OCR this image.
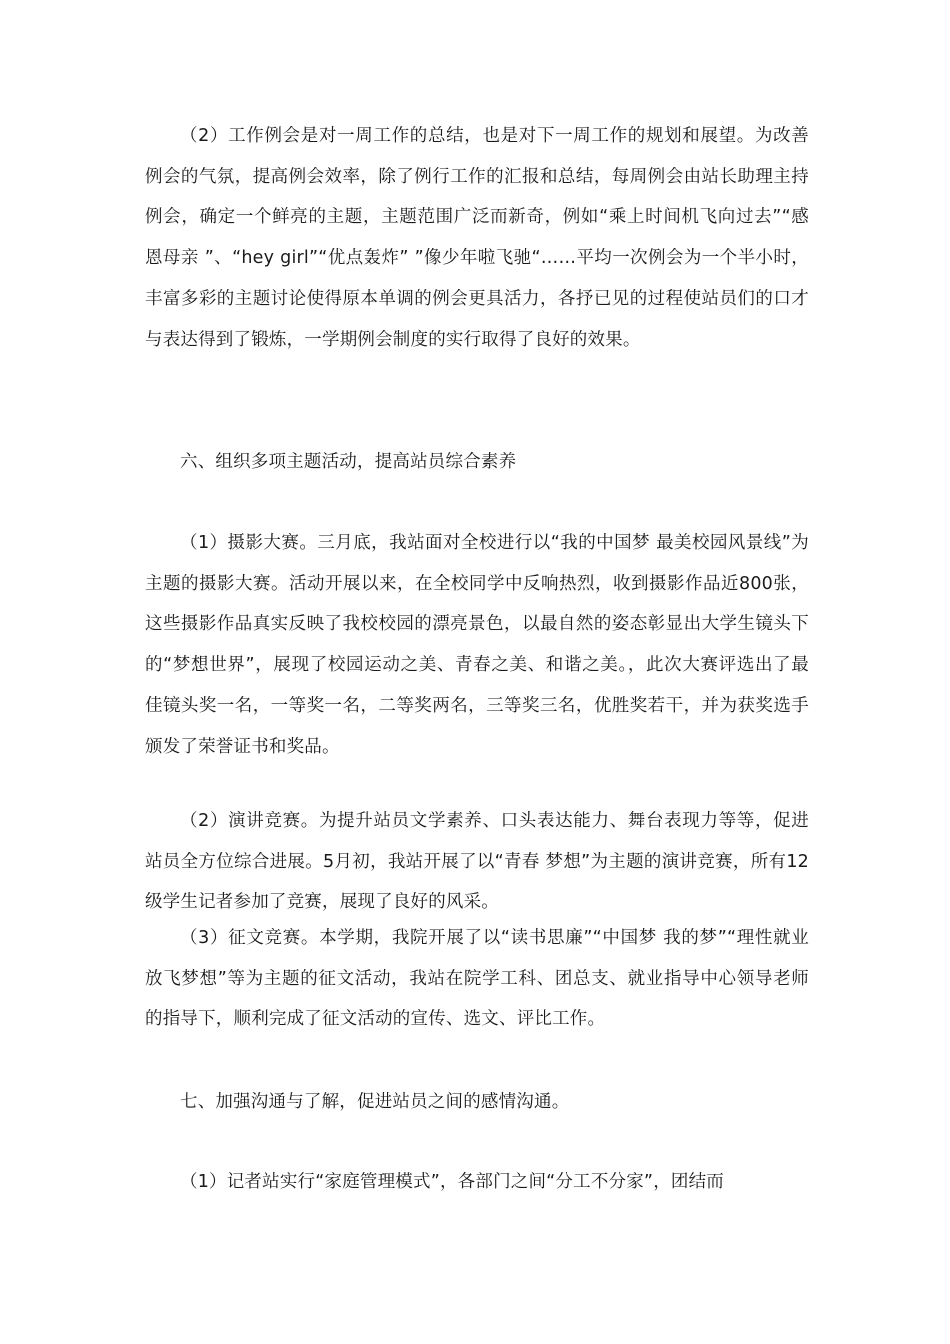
（2）工作例会是对一周工作的总结，也是对下一周工作的规划和展望。为改善例会的气氛，提高例会效率，除了例行工作的汇报和总结，每周例会由站长助理主持例会，确定一个鲜亮的主题，主题范围广泛而新奇，例如“乘上时间机飞向过去”“感恩母亲 ”、“hey girl”“优点轰炸” ”像少年啦飞驰“……平均一次例会为一个半小时，丰富多彩的主题讨论使得原本单调的例会更具活力，各抒已见的过程使站员们的口才与表达得到了锻炼，一学期例会制度的实行取得了良好的效果。

六、组织多项主题活动，提高站员综合素养

（1）摄影大赛。三月底，我站面对全校进行以“我的中国梦 最美校园风景线”为主题的摄影大赛。活动开展以来，在全校同学中反响热烈，收到摄影作品近800张，这些摄影作品真实反映了我校校园的漂亮景色，以最自然的姿态彰显出大学生镜头下的“梦想世界”，展现了校园运动之美、青春之美、和谐之美。，此次大赛评选出了最佳镜头奖一名，一等奖一名，二等奖两名，三等奖三名，优胜奖若干，并为获奖选手颁发了荣誉证书和奖品。

（2）演讲竞赛。为提升站员文学素养、口头表达能力、舞台表现力等等，促进站员全方位综合进展。5月初，我站开展了以“青春 梦想”为主题的演讲竞赛，所有12级学生记者参加了竞赛，展现了良好的风采。

（3）征文竞赛。本学期，我院开展了以“读书思廉”“中国梦 我的梦”“理性就业 放飞梦想”等为主题的征文活动，我站在院学工科、团总支、就业指导中心领导老师的指导下，顺利完成了征文活动的宣传、选文、评比工作。

七、加强沟通与了解，促进站员之间的感情沟通。

（1）记者站实行“家庭管理模式”，各部门之间“分工不分家”，团结而
